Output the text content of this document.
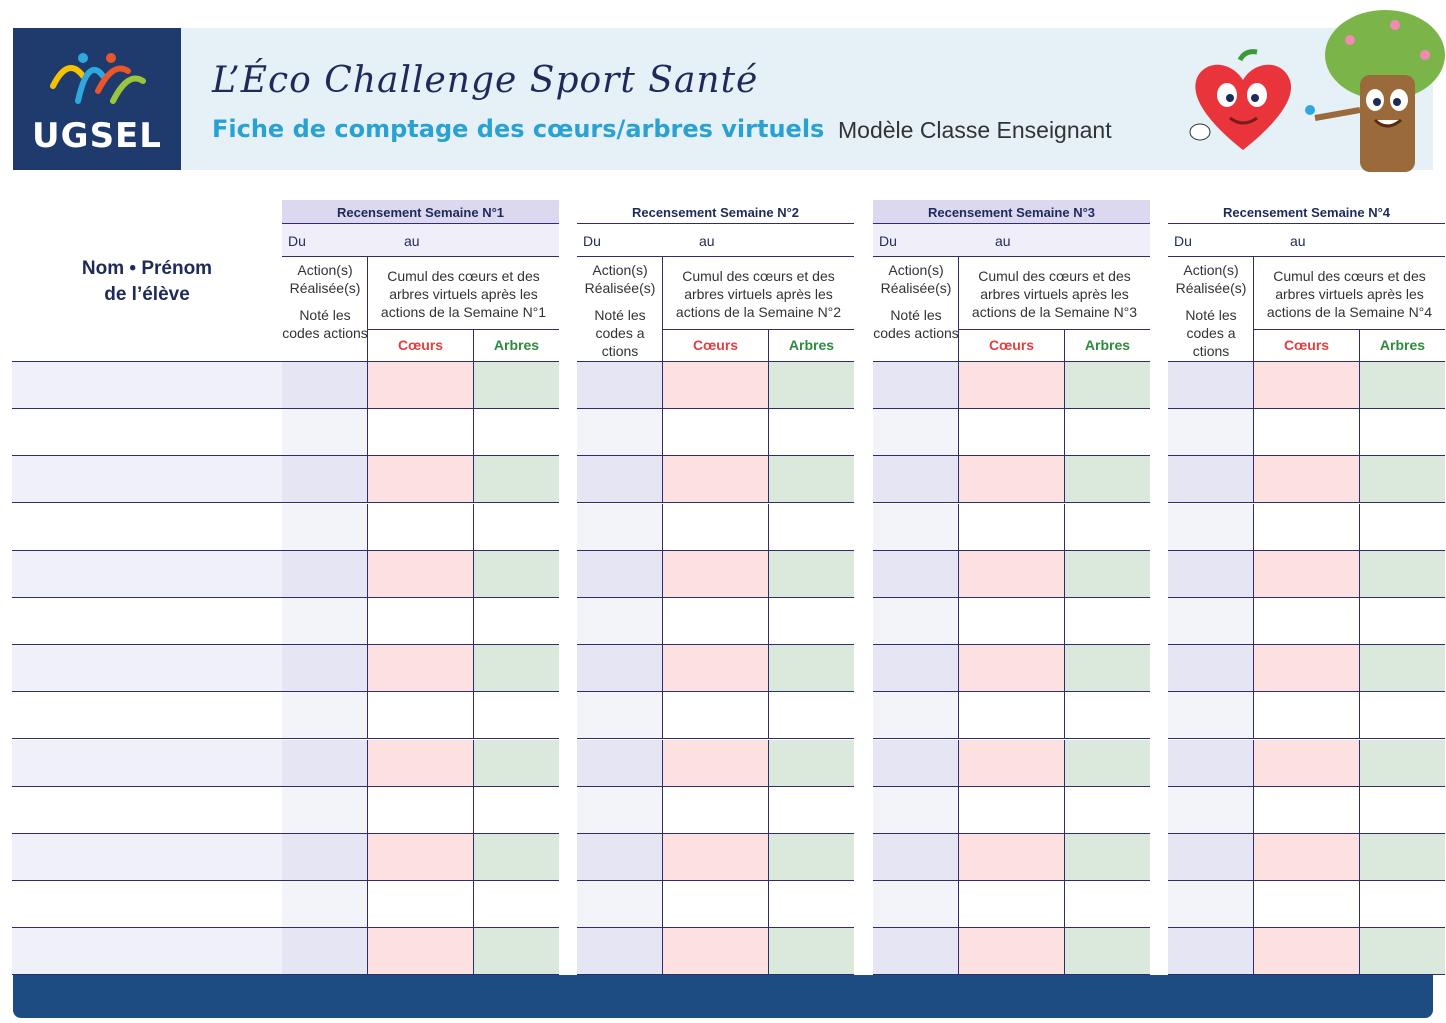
UGSEL
L’Éco Challenge Sport Santé
Fiche de comptage des cœurs/arbres virtuels Modèle Classe Enseignant
Nom • Prénom
de l’élève
Recensement Semaine N°1
Du	au
Action(s) Réalisée(s)
Noté les codes actions
Cumul des cœurs et des arbres virtuels après les actions de la Semaine N°1
Cœurs	Arbres
Recensement Semaine N°2
Du	au
Action(s) Réalisée(s)
Noté les codes a ctions
Cumul des cœurs et des arbres virtuels après les actions de la Semaine N°2
Cœurs	Arbres
Recensement Semaine N°3
Du	au
Action(s) Réalisée(s)
Noté les codes actions
Cumul des cœurs et des arbres virtuels après les actions de la Semaine N°3
Cœurs	Arbres
Recensement Semaine N°4
Du	au
Action(s) Réalisée(s)
Noté les codes a ctions
Cumul des cœurs et des arbres virtuels après les actions de la Semaine N°4
Cœurs	Arbres
